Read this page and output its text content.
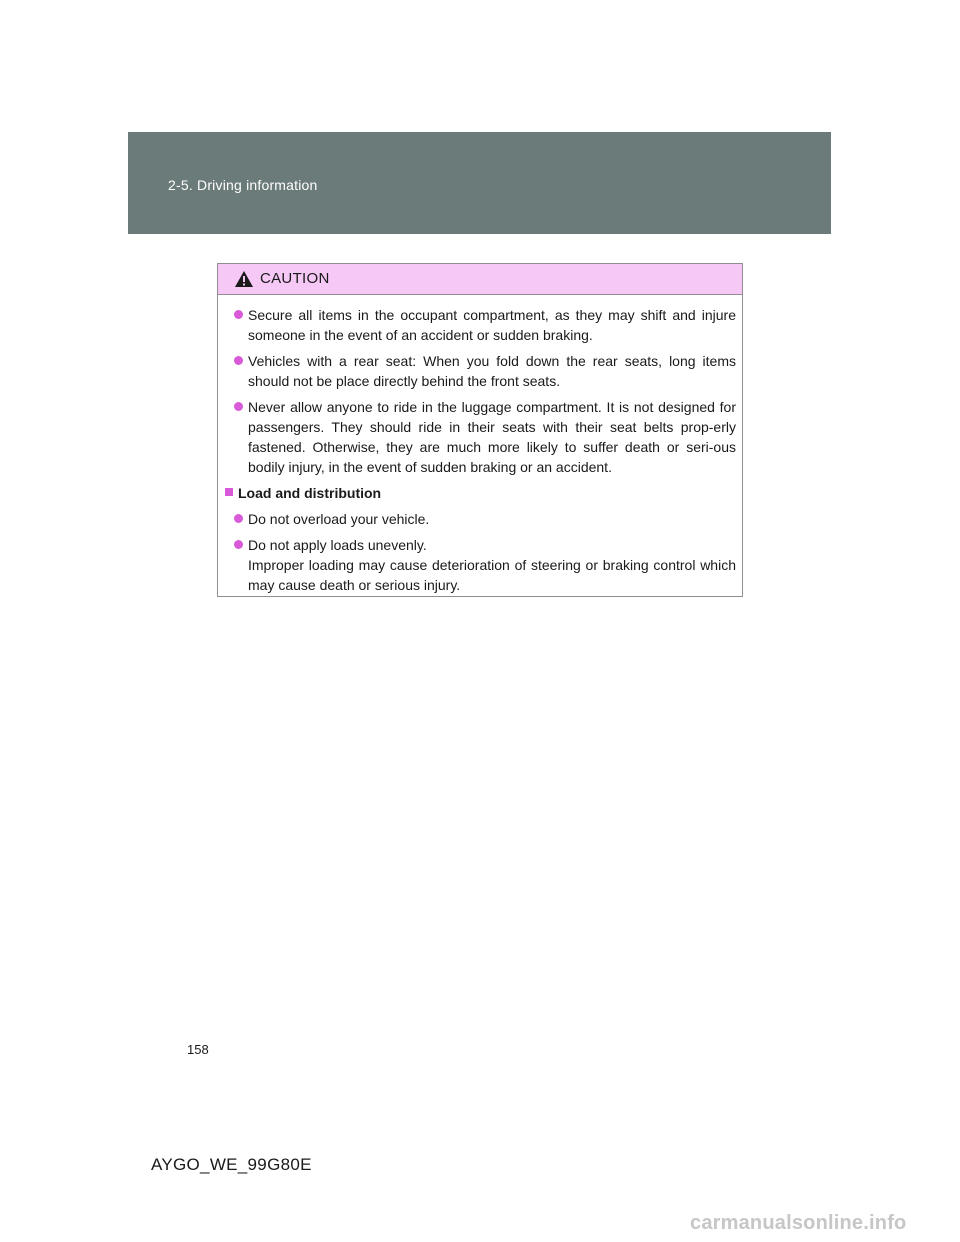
2-5. Driving information
CAUTION
Secure all items in the occupant compartment, as they may shift and injure someone in the event of an accident or sudden braking.
Vehicles with a rear seat: When you fold down the rear seats, long items should not be place directly behind the front seats.
Never allow anyone to ride in the luggage compartment. It is not designed for passengers. They should ride in their seats with their seat belts prop-erly fastened. Otherwise, they are much more likely to suffer death or seri-ous bodily injury, in the event of sudden braking or an accident.
Load and distribution
Do not overload your vehicle.
Do not apply loads unevenly.
Improper loading may cause deterioration of steering or braking control which may cause death or serious injury.
158
AYGO_WE_99G80E
carmanualsonline.info
